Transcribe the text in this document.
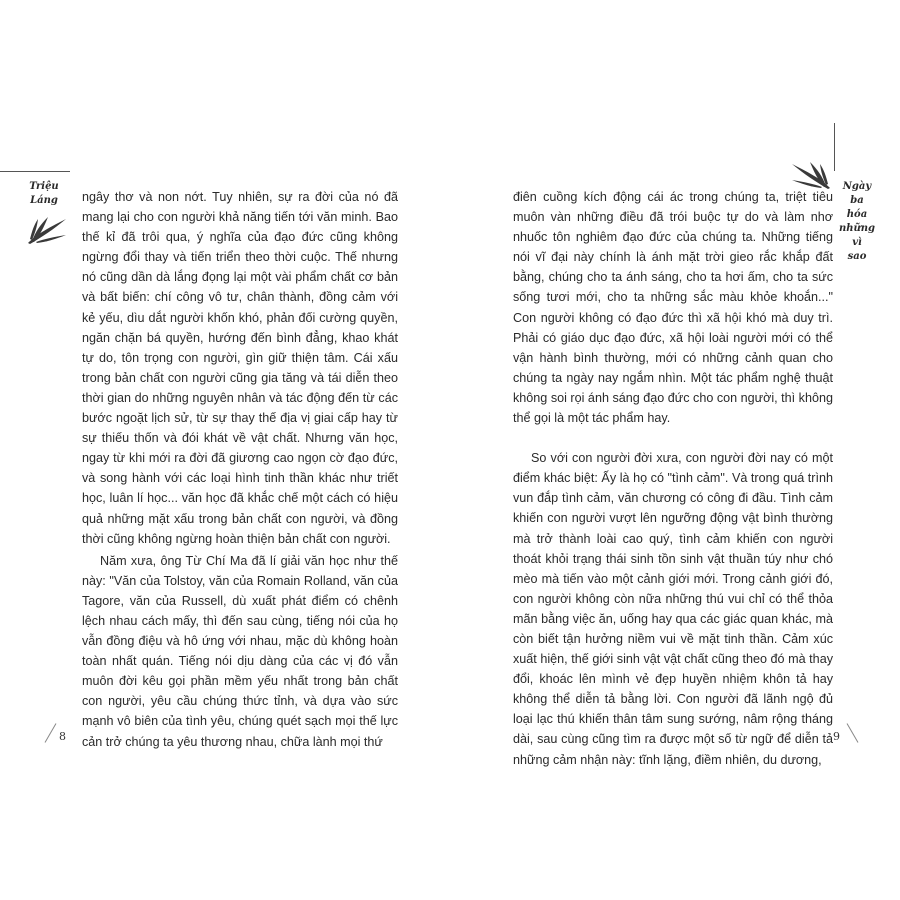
Triệu
Láng	ngây thơ và non nớt. Tuy nhiên, sự ra đời của nó đã mang lại cho con người khả năng tiến tới văn minh. Bao thế kỉ đã trôi qua, ý nghĩa của đạo đức cũng không ngừng đổi thay và tiến triển theo thời cuộc. Thế nhưng nó cũng dần dà lắng đọng lại một vài phẩm chất cơ bản và bất biến: chí công vô tư, chân thành, đồng cảm với kẻ yếu, dìu dắt người khốn khó, phản đối cường quyền, ngăn chặn bá quyền, hướng đến bình đẳng, khao khát tự do, tôn trọng con người, gìn giữ thiện tâm. Cái xấu trong bản chất con người cũng gia tăng và tái diễn theo thời gian do những nguyên nhân và tác động đến từ các bước ngoặt lịch sử, từ sự thay thế địa vị giai cấp hay từ sự thiếu thốn và đói khát về vật chất. Nhưng văn học, ngay từ khi mới ra đời đã giương cao ngọn cờ đạo đức, và song hành với các loại hình tinh thần khác như triết học, luân lí học... văn học đã khắc chế một cách có hiệu quả những mặt xấu trong bản chất con người, và đồng thời cũng không ngừng hoàn thiện bản chất con người.

Năm xưa, ông Từ Chí Ma đã lí giải văn học như thế này: "Văn của Tolstoy, văn của Romain Rolland, văn của Tagore, văn của Russell, dù xuất phát điểm có chênh lệch nhau cách mấy, thì đến sau cùng, tiếng nói của họ vẫn đồng điệu và hô ứng với nhau, mặc dù không hoàn toàn nhất quán. Tiếng nói dịu dàng của các vị đó vẫn muôn đời kêu gọi phần mềm yếu nhất trong bản chất con người, yêu cầu chúng thức tỉnh, và dựa vào sức mạnh vô biên của tình yêu, chúng quét sạch mọi thế lực cản trở chúng ta yêu thương nhau, chữa lành mọi thứ

8
Ngày
ba
hóa
những
vì
sao

điên cuồng kích động cái ác trong chúng ta, triệt tiêu muôn vàn những điều đã trói buộc tự do và làm nhơ nhuốc tôn nghiêm đạo đức của chúng ta. Những tiếng nói vĩ đại này chính là ánh mặt trời gieo rắc khắp đất bằng, chúng cho ta ánh sáng, cho ta hơi ấm, cho ta sức sống tươi mới, cho ta những sắc màu khỏe khoắn..." Con người không có đạo đức thì xã hội khó mà duy trì. Phải có giáo dục đạo đức, xã hội loài người mới có thể vận hành bình thường, mới có những cảnh quan cho chúng ta ngày nay ngắm nhìn. Một tác phẩm nghệ thuật không soi rọi ánh sáng đạo đức cho con người, thì không thể gọi là một tác phẩm hay.

So với con người đời xưa, con người đời nay có một điểm khác biệt: Ấy là họ có "tình cảm". Và trong quá trình vun đắp tình cảm, văn chương có công đi đầu. Tình cảm khiến con người vượt lên ngưỡng động vật bình thường mà trở thành loài cao quý, tình cảm khiến con người thoát khỏi trạng thái sinh tồn sinh vật thuần túy như chó mèo mà tiến vào một cảnh giới mới. Trong cảnh giới đó, con người không còn nữa những thú vui chỉ có thể thỏa mãn bằng việc ăn, uống hay qua các giác quan khác, mà còn biết tận hưởng niềm vui về mặt tinh thần. Cảm xúc xuất hiện, thế giới sinh vật vật chất cũng theo đó mà thay đổi, khoác lên mình vẻ đẹp huyền nhiệm khôn tả hay không thể diễn tả bằng lời. Con người đã lãnh ngộ đủ loại lạc thú khiến thân tâm sung sướng, nâm rộng tháng dài, sau cùng cũng tìm ra được một số từ ngữ để diễn tả những cảm nhận này: tĩnh lặng, điềm nhiên, du dương,

9
